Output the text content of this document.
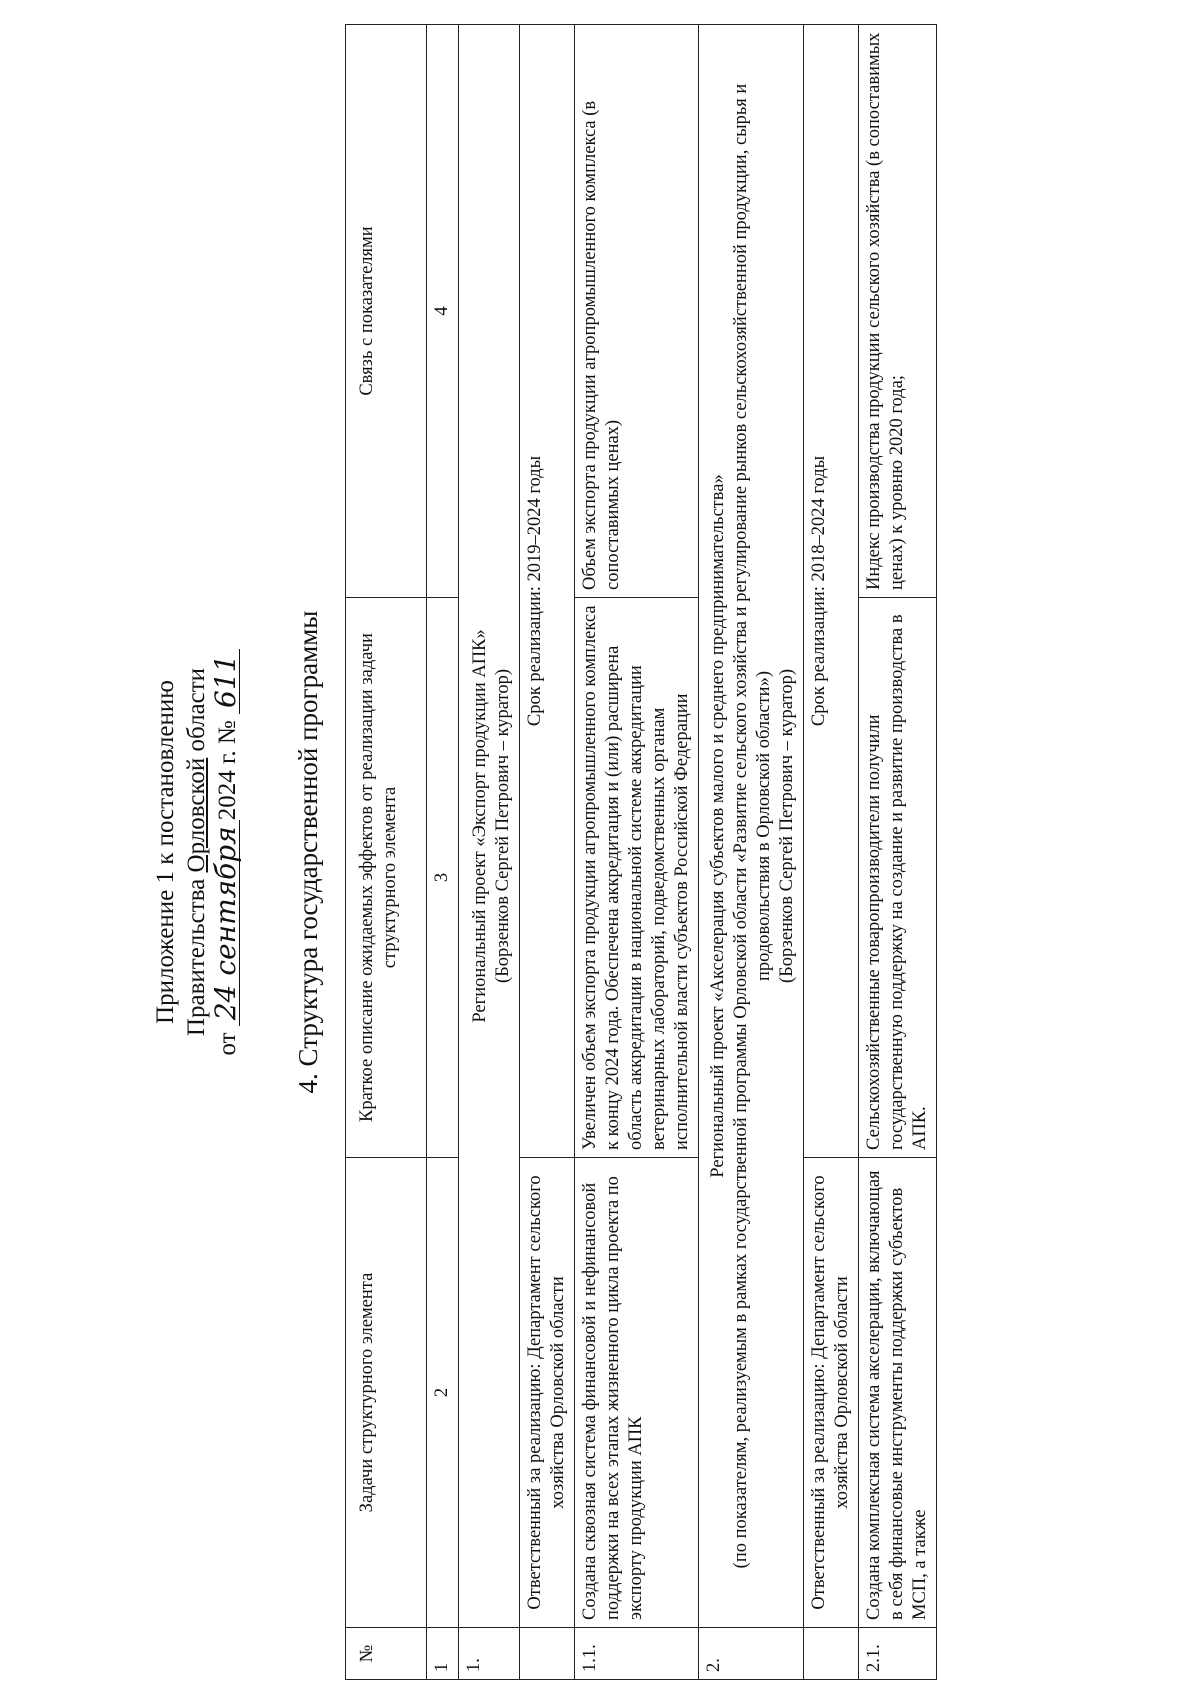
Приложение 1 к постановлению Правительства Орловской области
от 24 сентября2024 г. № 611 4. Структура государственной программы
№	Задачи структурного элемента	Краткое описание ожидаемых эффектов от реализации задачи структурного элемента	Связь с показателями
1	2	3	4
1.	Региональный проект «Экспорт продукции АПК» (Борзенков Сергей Петрович – куратор)		

	Ответственный за реализацию: Департамент сельского хозяйства Орловской области	Срок реализации: 2019–2024 годы	
1.1.	Создана сквозная система финансовой и нефинансовой поддержки на всех этапах жизненного цикла проекта по экспорту продукции АПК	Увеличен объем экспорта продукции агропромышленного комплекса к концу 2024 года. Обеспечена аккредитация и (или) расширена область аккредитации в национальной системе аккредитации ветеринарных лабораторий, подведомственных органам исполнительной власти субъектов Российской Федерации	Объем экспорта продукции агропромышленного комплекса (в сопоставимых ценах)
2.	Региональный проект «Акселерация субъектов малого и среднего предпринимательства» (по показателям, реализуемым в рамках государственной программы Орловской области «Развитие сельского хозяйства и регулирование рынков сельскохозяйственной продукции, сырья и продовольствия в Орловской области») (Борзенков Сергей Петрович – куратор)		

	Ответственный за реализацию: Департамент сельского хозяйства Орловской области	Срок реализации: 2018–2024 годы	
2.1.	Создана комплексная система акселерации, включающая в себя финансовые инструменты поддержки субъектов МСП, а также	Сельскохозяйственные товаропроизводители получили государственную поддержку на создание и развитие производства в АПК.	Индекс производства продукции сельского хозяйства (в сопоставимых ценах) к уровню 2020 года;
